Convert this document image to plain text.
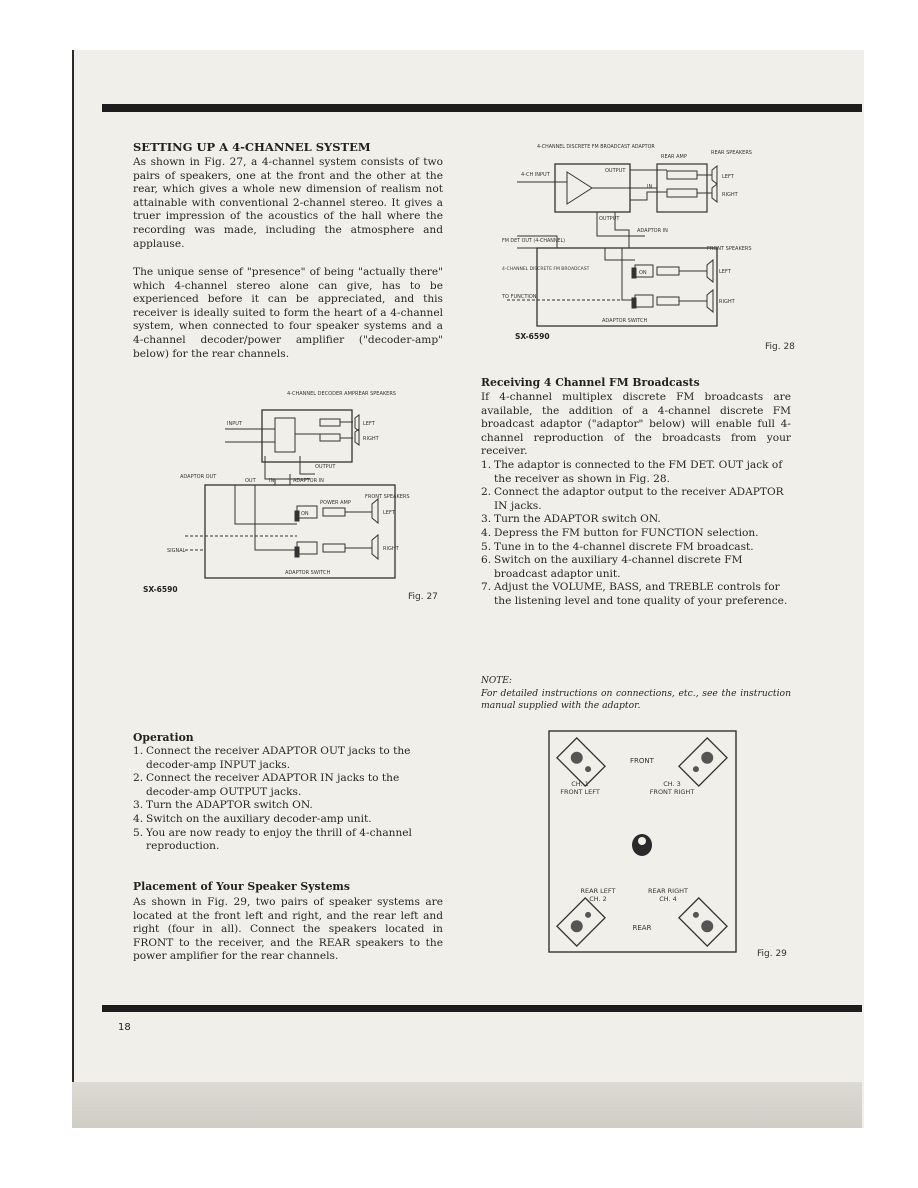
SETTING UP A 4-CHANNEL SYSTEM

As shown in Fig. 27, a 4-channel system consists of two pairs of speakers, one at the front and the other at the rear, which gives a whole new dimension of realism not attainable with conventional 2-channel stereo. It gives a truer impression of the acoustics of the hall where the recording was made, including the atmosphere and applause.

The unique sense of "presence" of being "actually there" which 4-channel stereo alone can give, has to be experienced before it can be appreciated, and this receiver is ideally suited to form the heart of a 4-channel system, when connected to four speaker systems and a 4-channel decoder/power amplifier ("decoder-amp" below) for the rear channels.

4-CHANNEL DECODER AMP REAR SPEAKERS
INPUT	LEFT
RIGHT
OUTPUT
ADAPTOR OUT
OUT	IN	ADAPTOR IN
FRONT SPEAKERS
POWER AMP
ON	LEFT
RIGHT
SIGNAL
ADAPTOR SWITCH
SX-6590
Fig. 27
Operation
1. Connect the receiver ADAPTOR OUT jacks to the decoder-amp INPUT jacks.
2. Connect the receiver ADAPTOR IN jacks to the decoder-amp OUTPUT jacks.
3. Turn the ADAPTOR switch ON.
4. Switch on the auxiliary decoder-amp unit.
5. You are now ready to enjoy the thrill of 4-channel reproduction.
Placement of Your Speaker Systems

As shown in Fig. 29, two pairs of speaker systems are located at the front left and right, and the rear left and right (four in all). Connect the speakers located in FRONT to the receiver, and the REAR speakers to the power amplifier for the rear channels.

4-CHANNEL DISCRETE FM BROADCAST ADAPTOR
REAR AMP
REAR SPEAKERS
4-CH INPUT
OUTPUT
IN
LEFT
RIGHT
OUTPUT
ADAPTOR IN
FM DET OUT (4-CHANNEL)
4-CHANNEL DISCRETE FM BROADCAST
FRONT SPEAKERS
ON	LEFT
RIGHT
TO FUNCTION
ADAPTOR SWITCH
SX-6590
Fig. 28
Receiving 4 Channel FM Broadcasts

If 4-channel multiplex discrete FM broadcasts are available, the addition of a 4-channel discrete FM broadcast adaptor ("adaptor" below) will enable full 4-channel reproduction of the broadcasts from your receiver.

1. The adaptor is connected to the FM DET. OUT jack of the receiver as shown in Fig. 28.
2. Connect the adaptor output to the receiver ADAPTOR IN jacks.
3. Turn the ADAPTOR switch ON.
4. Depress the FM button for FUNCTION selection.
5. Tune in to the 4-channel discrete FM broadcast.
6. Switch on the auxiliary 4-channel discrete FM broadcast adaptor unit.
7. Adjust the VOLUME, BASS, and TREBLE controls for the listening level and tone quality of your preference.
NOTE:

For detailed instructions on connections, etc., see the instruction manual supplied with the adaptor.

FRONT
CH. 1
FRONT LEFT
CH. 3
FRONT RIGHT
REAR LEFT
CH. 2
REAR RIGHT
CH. 4
REAR
Fig. 29
18
